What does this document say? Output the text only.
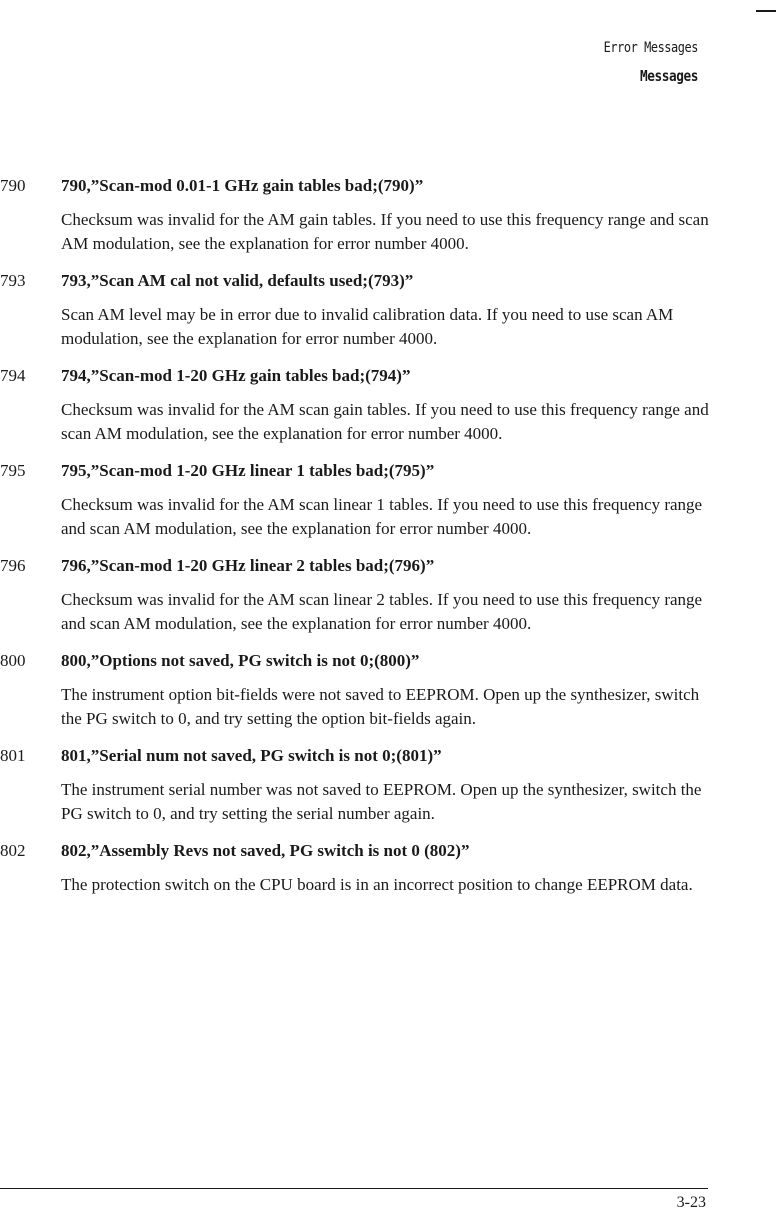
Error Messages
Messages
790 790,”Scan-mod 0.01-1 GHz gain tables bad;(790)”
Checksum was invalid for the AM gain tables. If you need to use this frequency range and scan AM modulation, see the explanation for error number 4000.
793 793,”Scan AM cal not valid, defaults used;(793)”
Scan AM level may be in error due to invalid calibration data. If you need to use scan AM modulation, see the explanation for error number 4000.
794 794,”Scan-mod 1-20 GHz gain tables bad;(794)”
Checksum was invalid for the AM scan gain tables. If you need to use this frequency range and scan AM modulation, see the explanation for error number 4000.
795 795,”Scan-mod 1-20 GHz linear 1 tables bad;(795)”
Checksum was invalid for the AM scan linear 1 tables. If you need to use this frequency range and scan AM modulation, see the explanation for error number 4000.
796 796,”Scan-mod 1-20 GHz linear 2 tables bad;(796)”
Checksum was invalid for the AM scan linear 2 tables. If you need to use this frequency range and scan AM modulation, see the explanation for error number 4000.
800 800,”Options not saved, PG switch is not 0;(800)”
The instrument option bit-fields were not saved to EEPROM. Open up the synthesizer, switch the PG switch to 0, and try setting the option bit-fields again.
801 801,”Serial num not saved, PG switch is not 0;(801)”
The instrument serial number was not saved to EEPROM. Open up the synthesizer, switch the PG switch to 0, and try setting the serial number again.
802 802,”Assembly Revs not saved, PG switch is not 0 (802)”
The protection switch on the CPU board is in an incorrect position to change EEPROM data.
3-23
